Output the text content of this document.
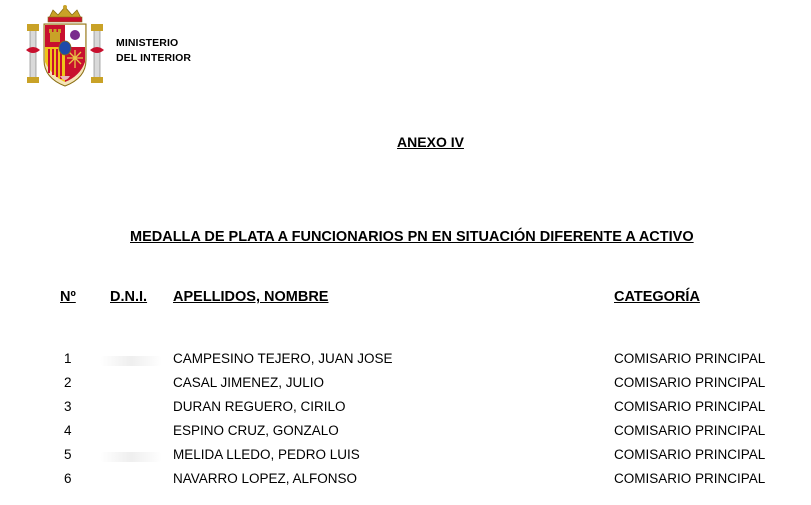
MINISTERIO
DEL INTERIOR
ANEXO IV
MEDALLA DE PLATA A FUNCIONARIOS PN EN SITUACIÓN DIFERENTE A ACTIVO
Nº D.N.I. APELLIDOS, NOMBRE	CATEGORÍA
1	CAMPESINO TEJERO, JUAN JOSE	COMISARIO PRINCIPAL
2	CASAL JIMENEZ, JULIO	COMISARIO PRINCIPAL
3	DURAN REGUERO, CIRILO	COMISARIO PRINCIPAL
4	ESPINO CRUZ, GONZALO	COMISARIO PRINCIPAL
5	MELIDA LLEDO, PEDRO LUIS	COMISARIO PRINCIPAL
6	NAVARRO LOPEZ, ALFONSO	COMISARIO PRINCIPAL
